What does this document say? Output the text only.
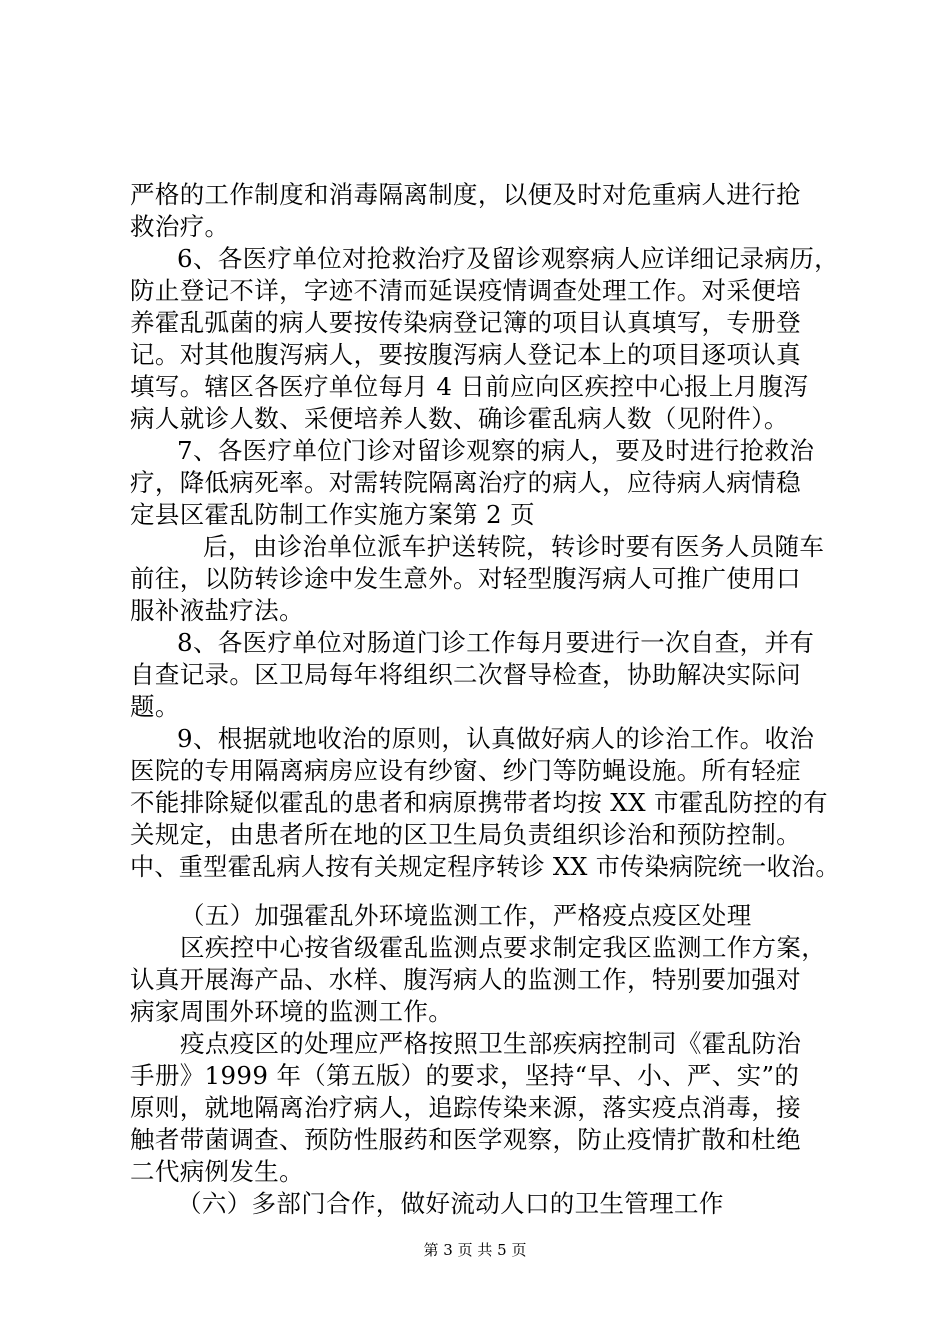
严格的工作制度和消毒隔离制度，以便及时对危重病人进行抢
救治疗。
6、各医疗单位对抢救治疗及留诊观察病人应详细记录病历，
防止登记不详，字迹不清而延误疫情调查处理工作。对采便培
养霍乱弧菌的病人要按传染病登记簿的项目认真填写，专册登
记。对其他腹泻病人，要按腹泻病人登记本上的项目逐项认真
填写。辖区各医疗单位每月 4 日前应向区疾控中心报上月腹泻
病人就诊人数、采便培养人数、确诊霍乱病人数（见附件）。
7、各医疗单位门诊对留诊观察的病人，要及时进行抢救治
疗，降低病死率。对需转院隔离治疗的病人，应待病人病情稳
定县区霍乱防制工作实施方案第 2 页
后，由诊治单位派车护送转院，转诊时要有医务人员随车
前往，以防转诊途中发生意外。对轻型腹泻病人可推广使用口
服补液盐疗法。
8、各医疗单位对肠道门诊工作每月要进行一次自查，并有
自查记录。区卫局每年将组织二次督导检查，协助解决实际问
题。
9、根据就地收治的原则，认真做好病人的诊治工作。收治
医院的专用隔离病房应设有纱窗、纱门等防蝇设施。所有轻症
不能排除疑似霍乱的患者和病原携带者均按 XX 市霍乱防控的有
关规定，由患者所在地的区卫生局负责组织诊治和预防控制。
中、重型霍乱病人按有关规定程序转诊 XX 市传染病院统一收治。
（五）加强霍乱外环境监测工作，严格疫点疫区处理
区疾控中心按省级霍乱监测点要求制定我区监测工作方案，
认真开展海产品、水样、腹泻病人的监测工作，特别要加强对
病家周围外环境的监测工作。
疫点疫区的处理应严格按照卫生部疾病控制司《霍乱防治
手册》1999 年（第五版）的要求，坚持“早、小、严、实”的
原则，就地隔离治疗病人，追踪传染来源，落实疫点消毒，接
触者带菌调查、预防性服药和医学观察，防止疫情扩散和杜绝
二代病例发生。
（六）多部门合作，做好流动人口的卫生管理工作
第 3 页 共 5 页
